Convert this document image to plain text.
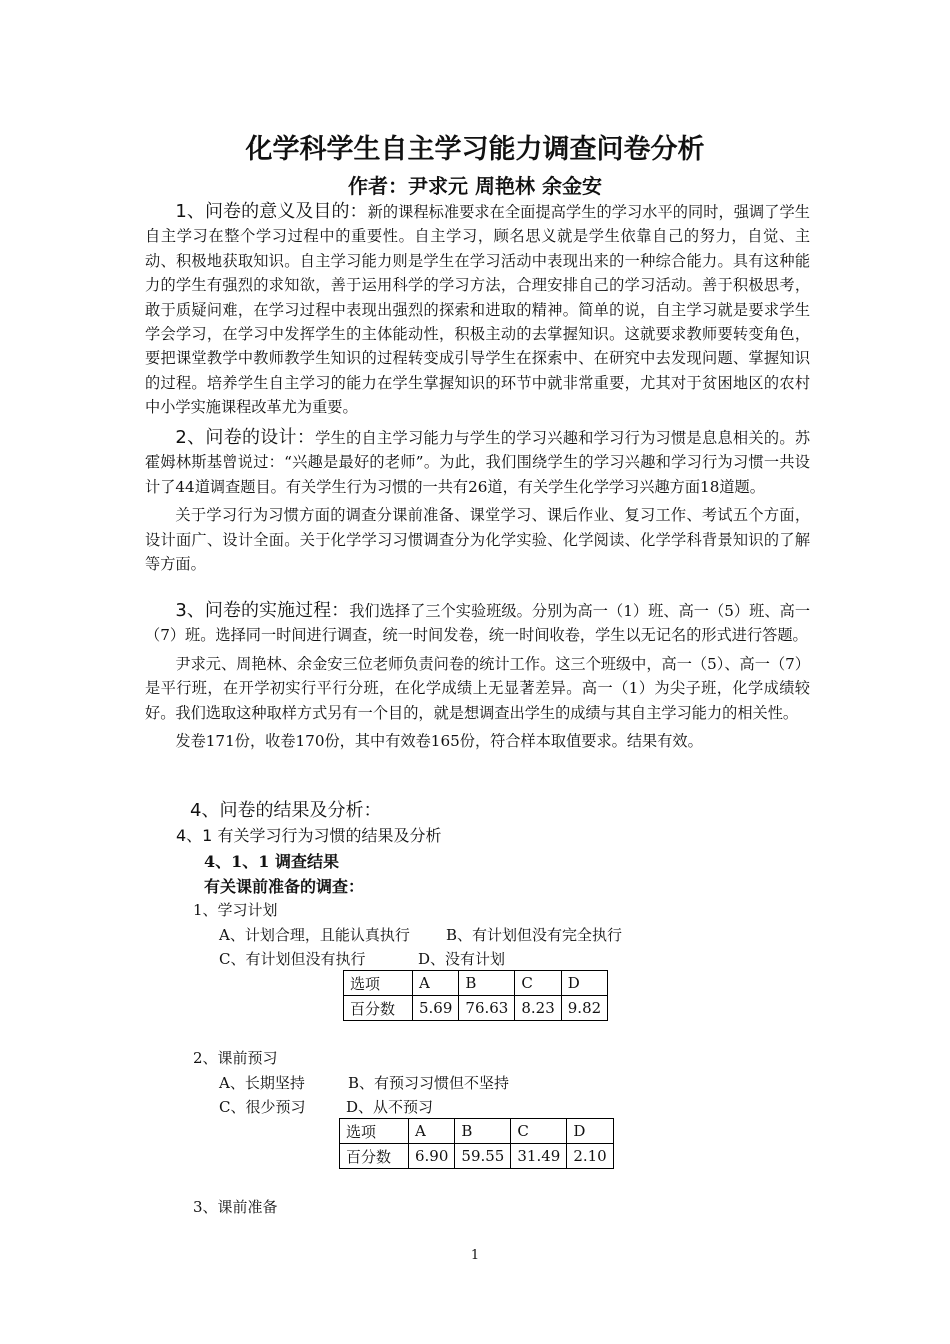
化学科学生自主学习能力调查问卷分析
作者：尹求元 周艳林 余金安

1、问卷的意义及目的：新的课程标准要求在全面提高学生的学习水平的同时，强调了学生自主学习在整个学习过程中的重要性。自主学习，顾名思义就是学生依靠自己的努力，自觉、主动、积极地获取知识。自主学习能力则是学生在学习活动中表现出来的一种综合能力。具有这种能力的学生有强烈的求知欲，善于运用科学的学习方法，合理安排自己的学习活动。善于积极思考，敢于质疑问难，在学习过程中表现出强烈的探索和进取的精神。简单的说，自主学习就是要求学生学会学习，在学习中发挥学生的主体能动性，积极主动的去掌握知识。这就要求教师要转变角色，要把课堂教学中教师教学生知识的过程转变成引导学生在探索中、在研究中去发现问题、掌握知识的过程。培养学生自主学习的能力在学生掌握知识的环节中就非常重要，尤其对于贫困地区的农村中小学实施课程改革尤为重要。

2、问卷的设计：学生的自主学习能力与学生的学习兴趣和学习行为习惯是息息相关的。苏霍姆林斯基曾说过：“兴趣是最好的老师”。为此，我们围绕学生的学习兴趣和学习行为习惯一共设计了44道调查题目。有关学生行为习惯的一共有26道，有关学生化学学习兴趣方面18道题。

关于学习行为习惯方面的调查分课前准备、课堂学习、课后作业、复习工作、考试五个方面，设计面广、设计全面。关于化学学习习惯调查分为化学实验、化学阅读、化学学科背景知识的了解等方面。

3、问卷的实施过程：我们选择了三个实验班级。分别为高一（1）班、高一（5）班、高一（7）班。选择同一时间进行调查，统一时间发卷，统一时间收卷，学生以无记名的形式进行答题。

尹求元、周艳林、余金安三位老师负责问卷的统计工作。这三个班级中，高一（5）、高一（7）是平行班，在开学初实行平行分班，在化学成绩上无显著差异。高一（1）为尖子班，化学成绩较好。我们选取这种取样方式另有一个目的，就是想调查出学生的成绩与其自主学习能力的相关性。

发卷171份，收卷170份，其中有效卷165份，符合样本取值要求。结果有效。

4、问卷的结果及分析：
4、1 有关学习行为习惯的结果及分析
4、1、1 调查结果
有关课前准备的调查：
1、学习计划
A、计划合理，且能认真执行 B、有计划但没有完全执行
C、有计划但没有执行	D、没有计划
选项	A	B	C	D
百分数	5.69	76.63	8.23	9.82
2、课前预习
A、长期坚持	B、有预习习惯但不坚持
C、很少预习	D、从不预习
选项	A	B	C	D
百分数	6.90	59.55	31.49	2.10
3、课前准备
1
